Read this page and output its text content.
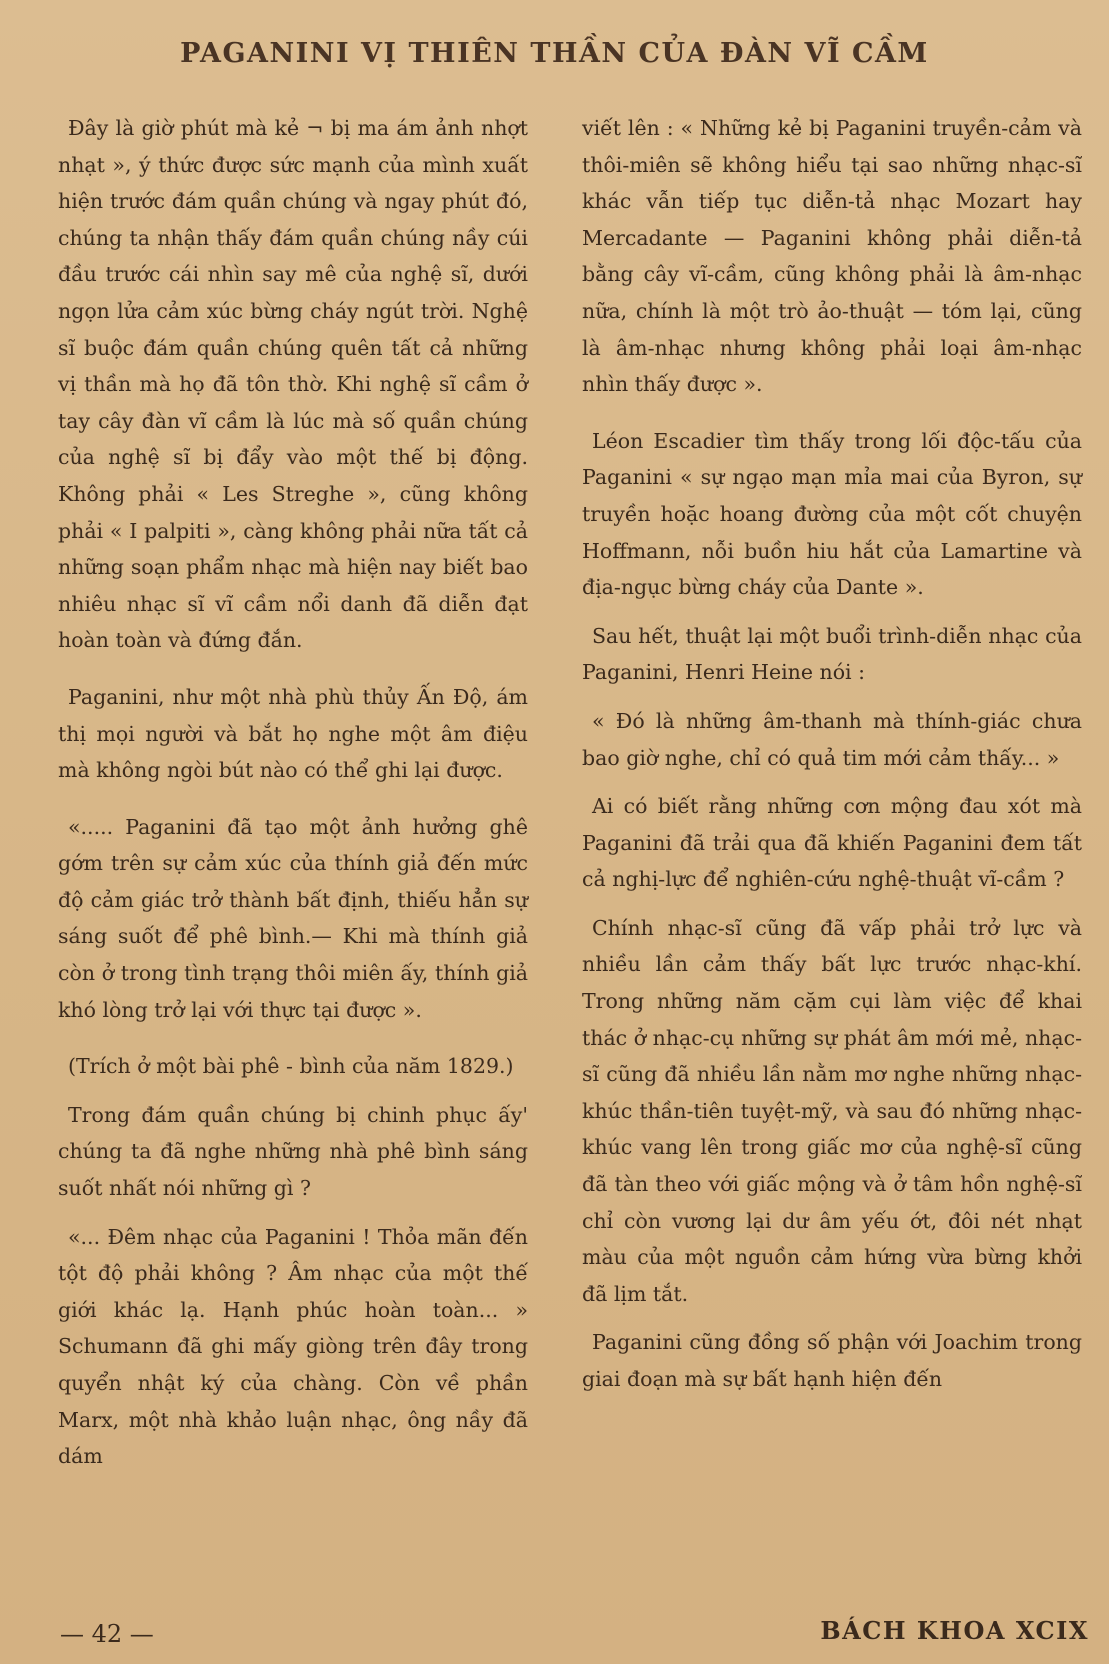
PAGANINI VỊ THIÊN THẦN CỦA ĐÀN VĨ CẦM

Đây là giờ phút mà kẻ ¬ bị ma ám ảnh nhợt nhạt », ý thức được sức mạnh của mình xuất hiện trước đám quần chúng và ngay phút đó, chúng ta nhận thấy đám quần chúng nầy cúi đầu trước cái nhìn say mê của nghệ sĩ, dưới ngọn lửa cảm xúc bừng cháy ngút trời. Nghệ sĩ buộc đám quần chúng quên tất cả những vị thần mà họ đã tôn thờ. Khi nghệ sĩ cầm ở tay cây đàn vĩ cầm là lúc mà số quần chúng của nghệ sĩ bị đẩy vào một thế bị động. Không phải « Les Streghe », cũng không phải « I palpiti », càng không phải nữa tất cả những soạn phẩm nhạc mà hiện nay biết bao nhiêu nhạc sĩ vĩ cầm nổi danh đã diễn đạt hoàn toàn và đứng đắn.

Paganini, như một nhà phù thủy Ấn Độ, ám thị mọi người và bắt họ nghe một âm điệu mà không ngòi bút nào có thể ghi lại được.

«..... Paganini đã tạo một ảnh hưởng ghê gớm trên sự cảm xúc của thính giả đến mức độ cảm giác trở thành bất định, thiếu hẳn sự sáng suốt để phê bình.— Khi mà thính giả còn ở trong tình trạng thôi miên ấy, thính giả khó lòng trở lại với thực tại được ».

(Trích ở một bài phê - bình của năm 1829.)

Trong đám quần chúng bị chinh phục ấy' chúng ta đã nghe những nhà phê bình sáng suốt nhất nói những gì ?

«... Đêm nhạc của Paganini ! Thỏa mãn đến tột độ phải không ? Âm nhạc của một thế giới khác lạ. Hạnh phúc hoàn toàn... » Schumann đã ghi mấy giòng trên đây trong quyển nhật ký của chàng. Còn về phần Marx, một nhà khảo luận nhạc, ông nầy đã dám

viết lên : « Những kẻ bị Paganini truyền-cảm và thôi-miên sẽ không hiểu tại sao những nhạc-sĩ khác vẫn tiếp tục diễn-tả nhạc Mozart hay Mercadante — Paganini không phải diễn-tả bằng cây vĩ-cầm, cũng không phải là âm-nhạc nữa, chính là một trò ảo-thuật — tóm lại, cũng là âm-nhạc nhưng không phải loại âm-nhạc nhìn thấy được ».

Léon Escadier tìm thấy trong lối độc-tấu của Paganini « sự ngạo mạn mỉa mai của Byron, sự truyền hoặc hoang đường của một cốt chuyện Hoffmann, nỗi buồn hiu hắt của Lamartine và địa-ngục bừng cháy của Dante ».

Sau hết, thuật lại một buổi trình-diễn nhạc của Paganini, Henri Heine nói :

« Đó là những âm-thanh mà thính-giác chưa bao giờ nghe, chỉ có quả tim mới cảm thấy... »

Ai có biết rằng những cơn mộng đau xót mà Paganini đã trải qua đã khiến Paganini đem tất cả nghị-lực để nghiên-cứu nghệ-thuật vĩ-cầm ?

Chính nhạc-sĩ cũng đã vấp phải trở lực và nhiều lần cảm thấy bất lực trước nhạc-khí. Trong những năm cặm cụi làm việc để khai thác ở nhạc-cụ những sự phát âm mới mẻ, nhạc-sĩ cũng đã nhiều lần nằm mơ nghe những nhạc-khúc thần-tiên tuyệt-mỹ, và sau đó những nhạc-khúc vang lên trong giấc mơ của nghệ-sĩ cũng đã tàn theo với giấc mộng và ở tâm hồn nghệ-sĩ chỉ còn vương lại dư âm yếu ớt, đôi nét nhạt màu của một nguồn cảm hứng vừa bừng khởi đã lịm tắt.

Paganini cũng đồng số phận với Joachim trong giai đoạn mà sự bất hạnh hiện đến

— 42 —	BÁCH KHOA XCIX
